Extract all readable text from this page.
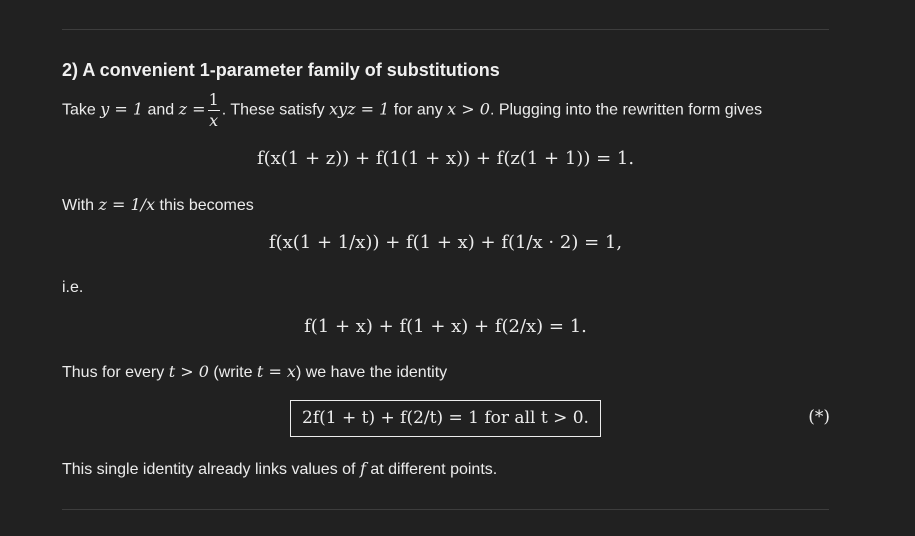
2) A convenient 1-parameter family of substitutions
Take y = 1 and $z = \frac{1}{x}$ . These satisfy xyz = 1 for any x > 0. Plugging into the rewritten form gives
f(x(1 + z)) + f(1(1 + x)) + f(z(1 + 1)) = 1.
With z = 1/x this becomes
f(x(1 + 1/x)) + f(1 + x) + f(1/x · 2) = 1,
i.e.
f(1 + x) + f(1 + x) + f(2/x) = 1.
Thus for every t > 0 (write t = x) we have the identity
2f(1 + t) + f(2/t) = 1 for all t > 0.	(*)
This single identity already links values of f at different points.
